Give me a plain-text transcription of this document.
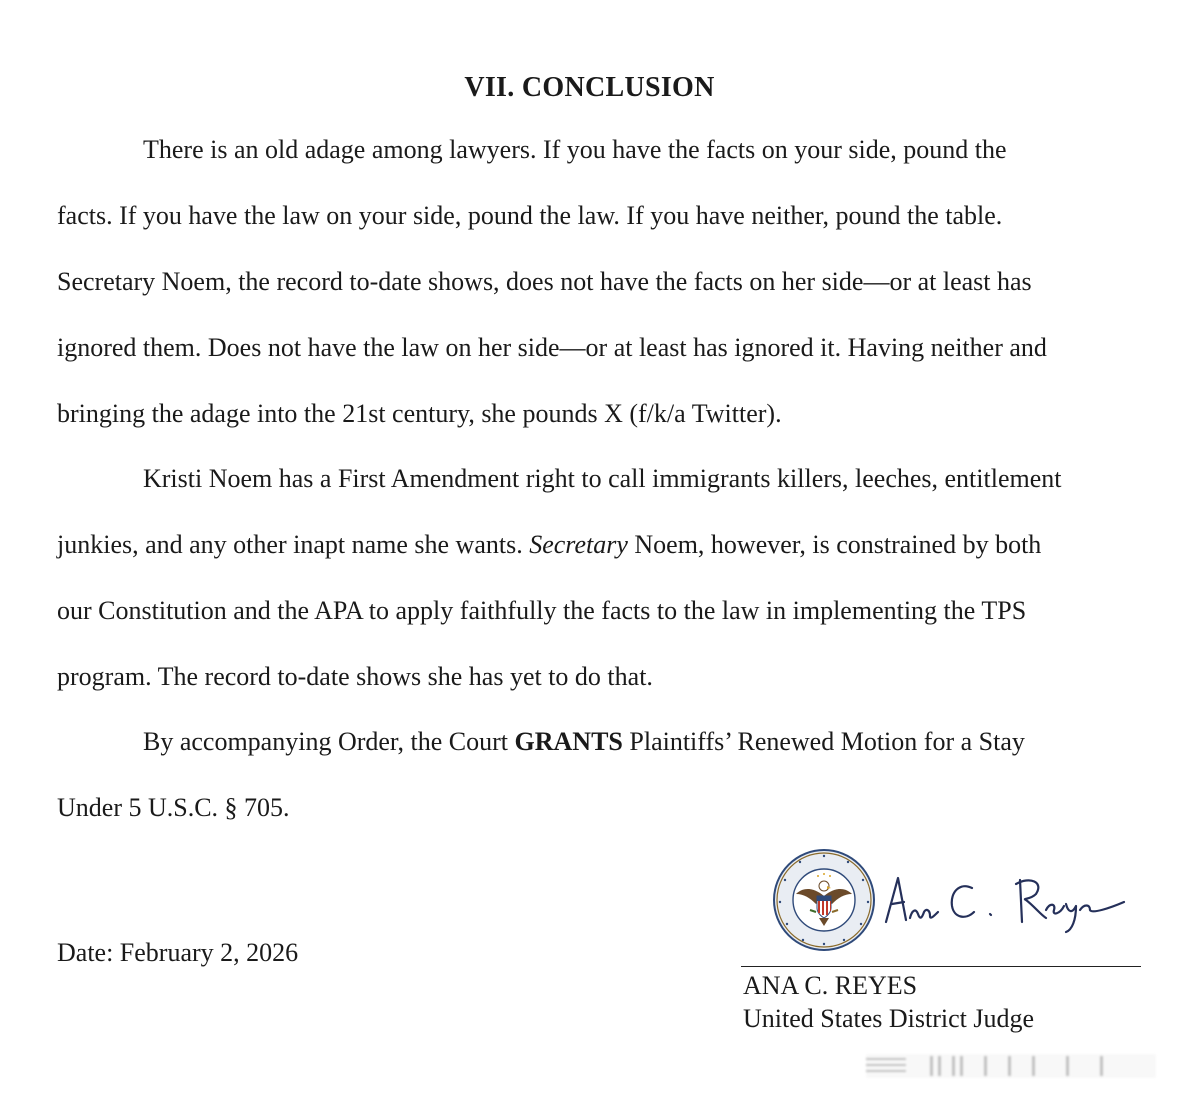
VII. CONCLUSION
There is an old adage among lawyers. If you have the facts on your side, pound the
facts. If you have the law on your side, pound the law. If you have neither, pound the table.
Secretary Noem, the record to-date shows, does not have the facts on her side—or at least has
ignored them. Does not have the law on her side—or at least has ignored it. Having neither and
bringing the adage into the 21st century, she pounds X (f/k/a Twitter).
Kristi Noem has a First Amendment right to call immigrants killers, leeches, entitlement
junkies, and any other inapt name she wants. Secretary Noem, however, is constrained by both
our Constitution and the APA to apply faithfully the facts to the law in implementing the TPS
program. The record to-date shows she has yet to do that.
By accompanying Order, the Court GRANTS Plaintiffs’ Renewed Motion for a Stay
Under 5 U.S.C. § 705.
Date: February 2, 2026
ANA C. REYES
United States District Judge
